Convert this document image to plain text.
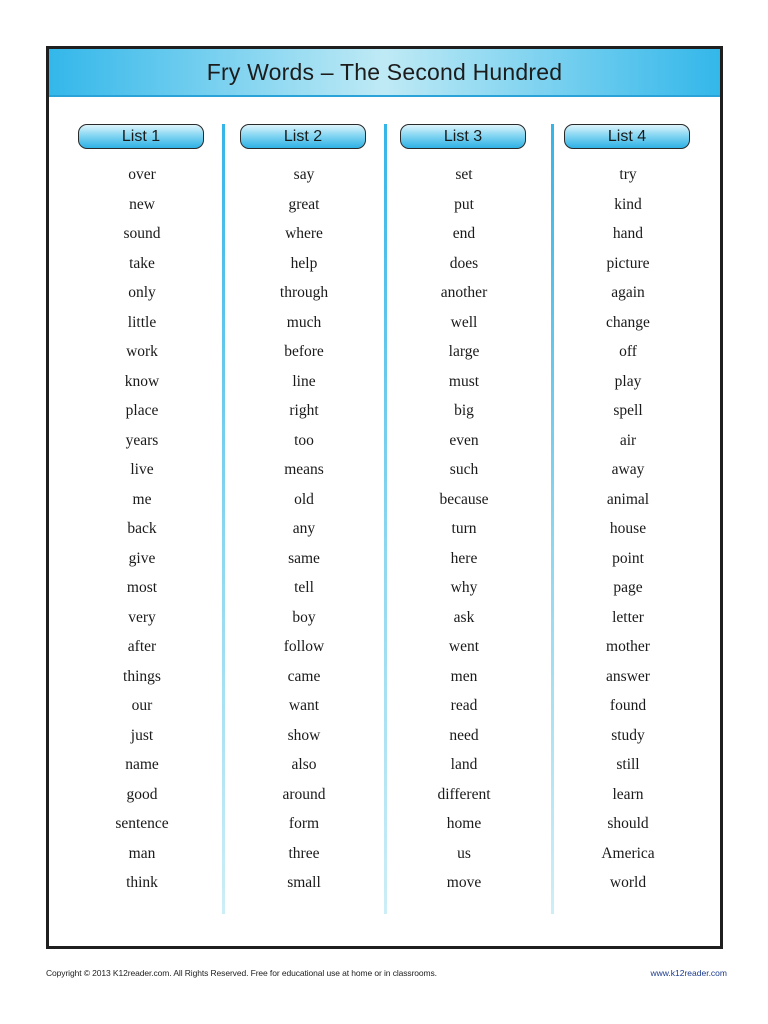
Fry Words – The Second Hundred
List 1
over
new
sound
take
only
little
work
know
place
years
live
me
back
give
most
very
after
things
our
just
name
good
sentence
man
think
List 2
say
great
where
help
through
much
before
line
right
too
means
old
any
same
tell
boy
follow
came
want
show
also
around
form
three
small
List 3
set
put
end
does
another
well
large
must
big
even
such
because
turn
here
why
ask
went
men
read
need
land
different
home
us
move
List 4
try
kind
hand
picture
again
change
off
play
spell
air
away
animal
house
point
page
letter
mother
answer
found
study
still
learn
should
America
world
Copyright © 2013 K12reader.com. All Rights Reserved. Free for educational use at home or in classrooms.	www.k12reader.com
